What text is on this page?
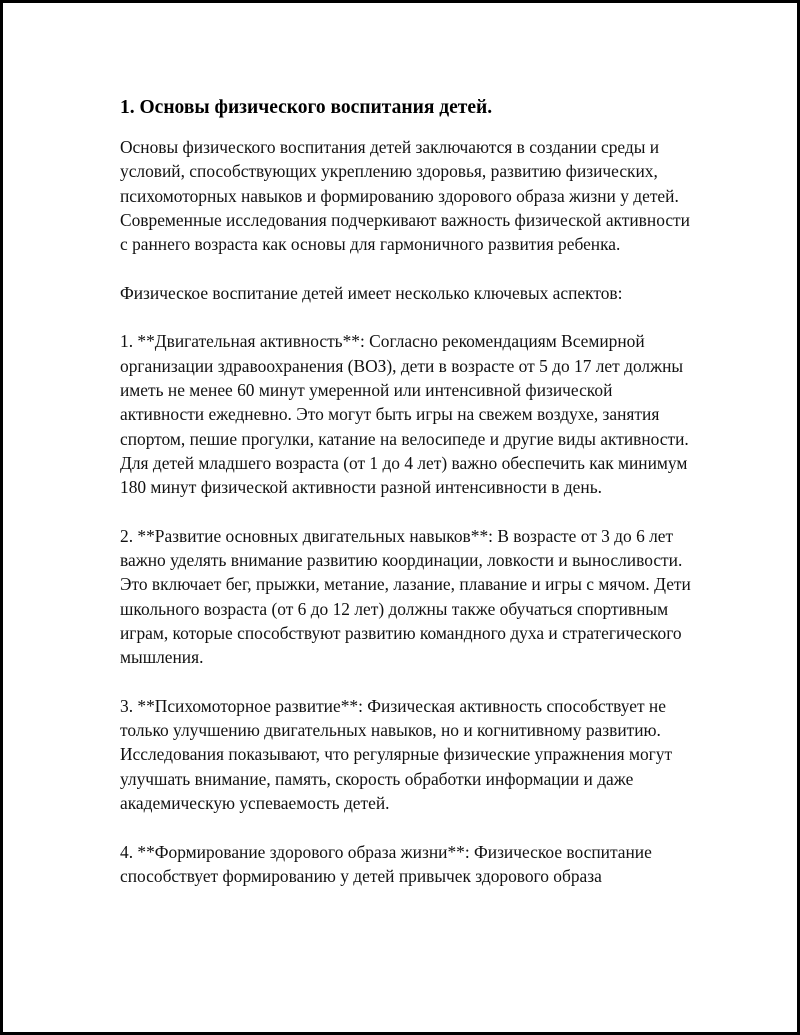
1. Основы физического воспитания детей.

Основы физического воспитания детей заключаются в создании среды и условий, способствующих укреплению здоровья, развитию физических, психомоторных навыков и формированию здорового образа жизни у детей. Современные исследования подчеркивают важность физической активности с раннего возраста как основы для гармоничного развития ребенка.

Физическое воспитание детей имеет несколько ключевых аспектов:

1. **Двигательная активность**: Согласно рекомендациям Всемирной организации здравоохранения (ВОЗ), дети в возрасте от 5 до 17 лет должны иметь не менее 60 минут умеренной или интенсивной физической активности ежедневно. Это могут быть игры на свежем воздухе, занятия спортом, пешие прогулки, катание на велосипеде и другие виды активности. Для детей младшего возраста (от 1 до 4 лет) важно обеспечить как минимум 180 минут физической активности разной интенсивности в день.

2. **Развитие основных двигательных навыков**: В возрасте от 3 до 6 лет важно уделять внимание развитию координации, ловкости и выносливости. Это включает бег, прыжки, метание, лазание, плавание и игры с мячом. Дети школьного возраста (от 6 до 12 лет) должны также обучаться спортивным играм, которые способствуют развитию командного духа и стратегического мышления.

3. **Психомоторное развитие**: Физическая активность способствует не только улучшению двигательных навыков, но и когнитивному развитию. Исследования показывают, что регулярные физические упражнения могут улучшать внимание, память, скорость обработки информации и даже академическую успеваемость детей.

4. **Формирование здорового образа жизни**: Физическое воспитание способствует формированию у детей привычек здорового образа
